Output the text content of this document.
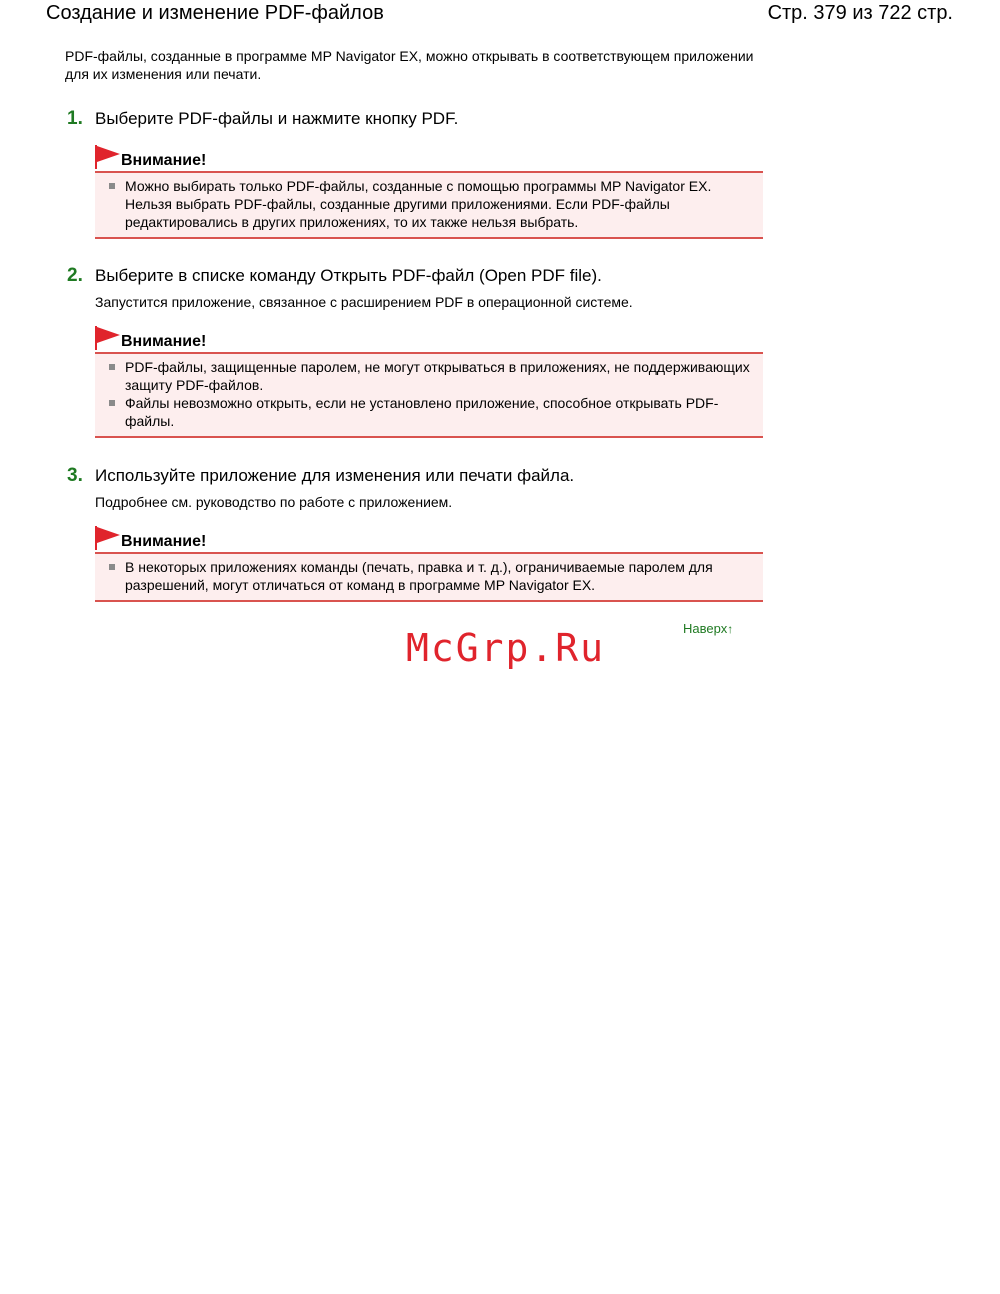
Создание и изменение PDF-файлов	Стр. 379 из 722 стр.
PDF-файлы, созданные в программе MP Navigator EX, можно открывать в соответствующем приложении для их изменения или печати.
1. Выберите PDF-файлы и нажмите кнопку PDF.
Внимание!
Можно выбирать только PDF-файлы, созданные с помощью программы MP Navigator EX. Нельзя выбрать PDF-файлы, созданные другими приложениями. Если PDF-файлы редактировались в других приложениях, то их также нельзя выбрать.
2. Выберите в списке команду Открыть PDF-файл (Open PDF file).
Запустится приложение, связанное с расширением PDF в операционной системе.
Внимание!
PDF-файлы, защищенные паролем, не могут открываться в приложениях, не поддерживающих защиту PDF-файлов.
Файлы невозможно открыть, если не установлено приложение, способное открывать PDF-файлы.
3. Используйте приложение для изменения или печати файла.
Подробнее см. руководство по работе с приложением.
Внимание!
В некоторых приложениях команды (печать, правка и т. д.), ограничиваемые паролем для разрешений, могут отличаться от команд в программе MP Navigator EX.
Наверх↑
McGrp.Ru
